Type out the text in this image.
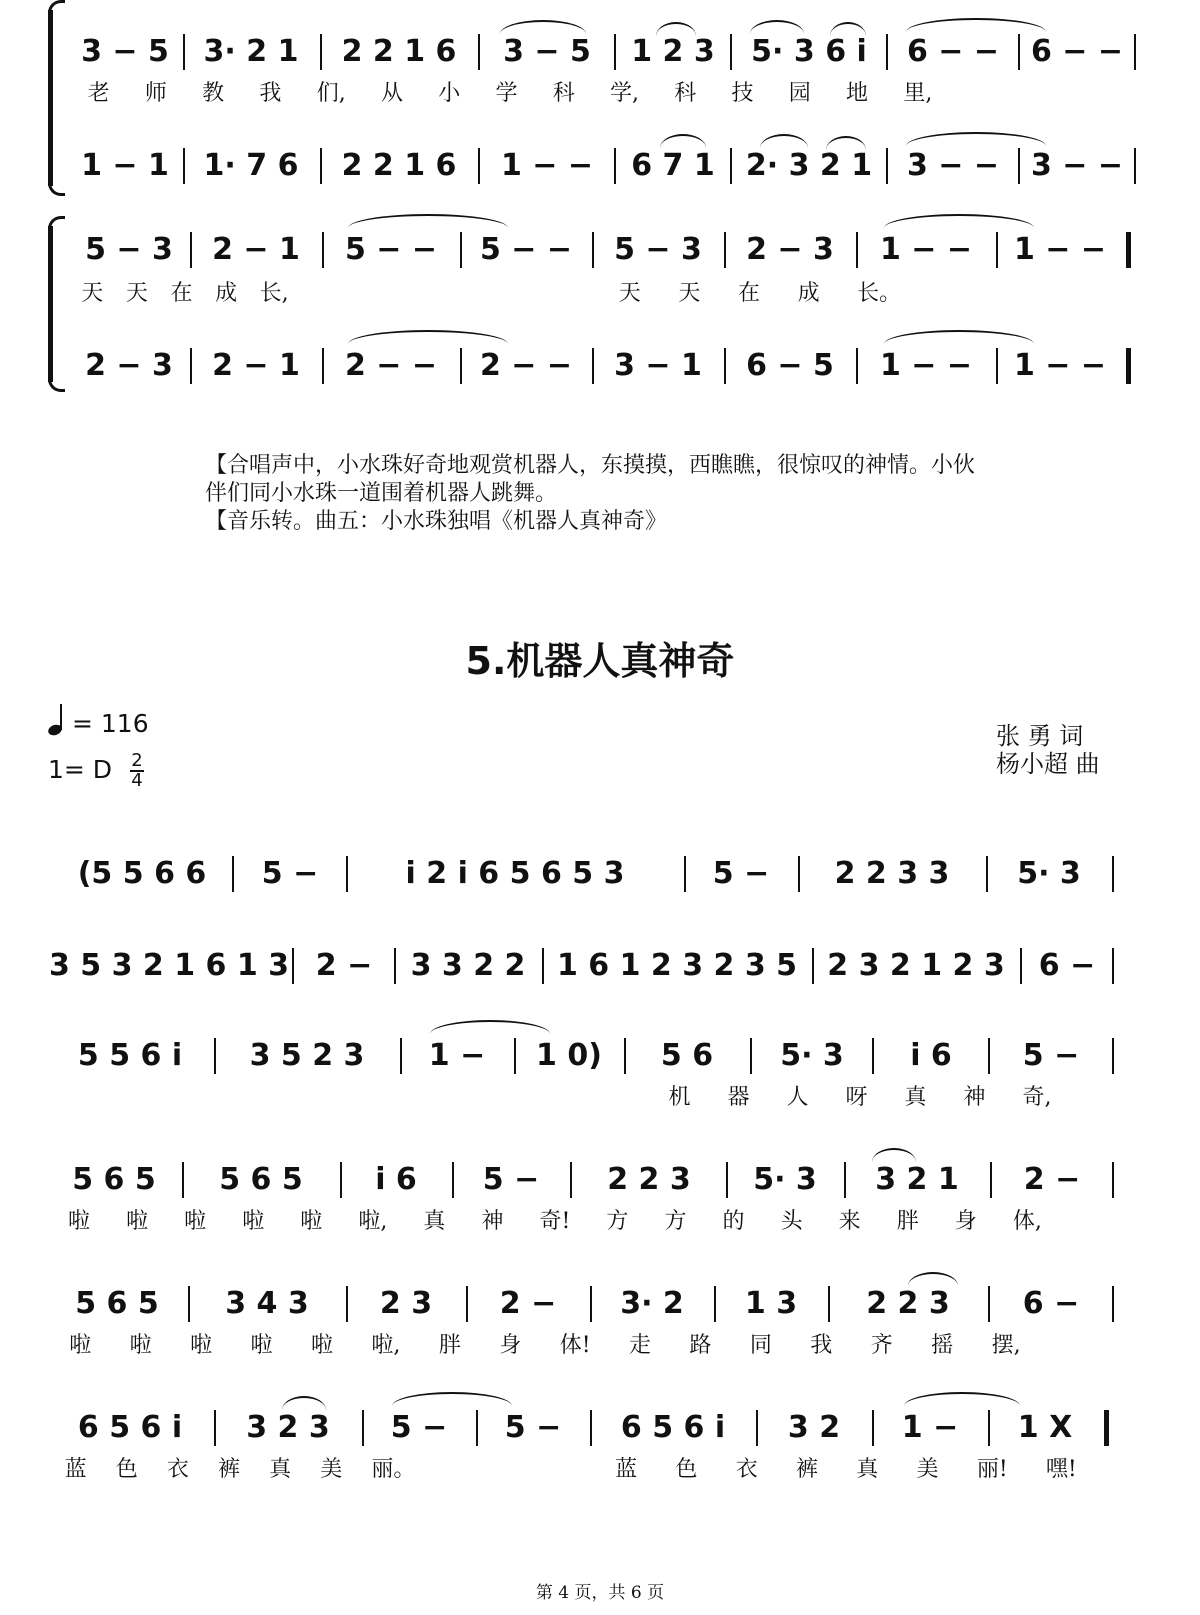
3 − 5	3· 2 1	2 2 1 6	3 − 5	1 2 3	5· 3 6 i	6 − −	6 − −
老 师 教 我 们, 从 小 学 科 学, 科 技 园 地 里,
1 − 1	1· 7 6	2 2 1 6	1 − −	6 7 1	2· 3 2 1	3 − −	3 − −
5 − 3	2 − 1	5 − −	5 − −	5 − 3	2 − 3	1 − −	1 − −
天 天 在 成 长,	天 天 在 成 长。
2 − 3	2 − 1	2 − −	2 − −	3 − 1	6 − 5	1 − −	1 − −
【合唱声中，小水珠好奇地观赏机器人，东摸摸，西瞧瞧，很惊叹的神情。小伙
伴们同小水珠一道围着机器人跳舞。
【音乐转。曲五：小水珠独唱《机器人真神奇》
5.机器人真神奇
= 116
1= D $\frac{2}{4}$
张 勇 词
杨小超 曲
(5 5 6 6	5 −	i 2 i 6 5 6 5 3	5 −	2 2 3 3	5· 3
3 5 3 2 1 6 1 3 2 −	3 3 2 2	1 6 1 2 3 2 3 5	2 3 2 1 2 3	6 −
5 5 6 i	3 5 2 3	1 −	1 0)	5 6	5· 3	i 6	5 −
机 器 人 呀 真 神 奇,
5 6 5	5 6 5	i 6	5 −	2 2 3	5· 3	3 2 1	2 −
啦 啦 啦 啦 啦 啦, 真 神 奇! 方 方 的 头 来 胖 身 体,
5 6 5	3 4 3	2 3	2 −	3· 2	1 3	2 2 3	6 −
啦 啦 啦 啦 啦 啦, 胖 身 体! 走 路 同 我 齐 摇 摆,
6 5 6 i	3 2 3	5 −	5 −	6 5 6 i	3 2	1 −	1 X
蓝 色 衣 裤 真 美 丽。	蓝 色 衣 裤 真 美 丽! 嘿!
第 4 页，共 6 页
